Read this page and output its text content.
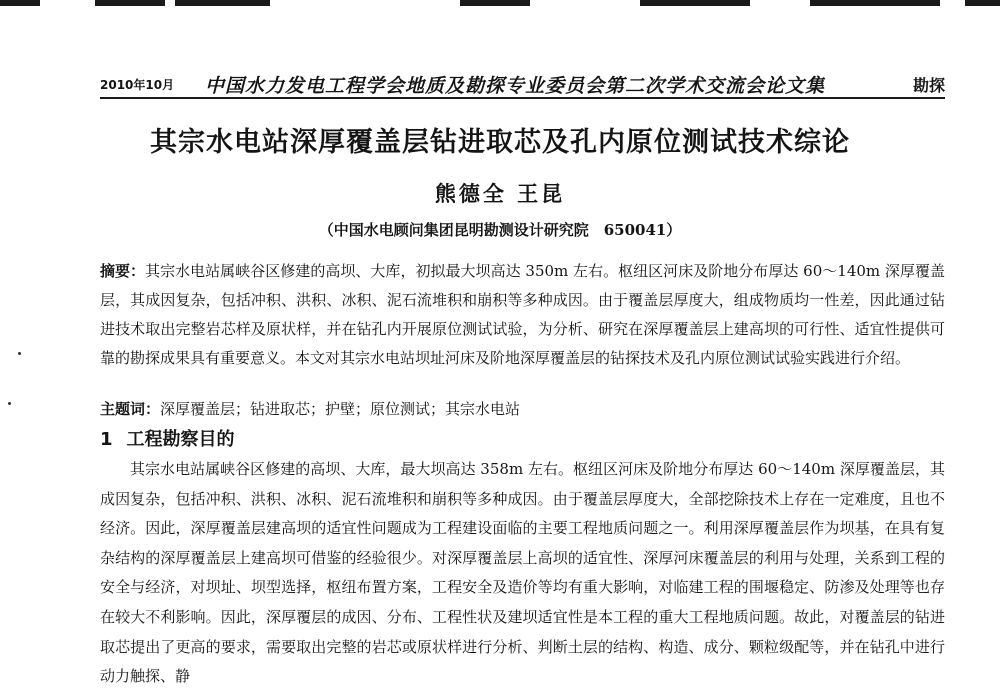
2010年10月 中国水力发电工程学会地质及勘探专业委员会第二次学术交流会论文集	勘探
其宗水电站深厚覆盖层钻进取芯及孔内原位测试技术综论
熊德全 王昆
（中国水电顾问集团昆明勘测设计研究院　650041）
摘要：其宗水电站属峡谷区修建的高坝、大库，初拟最大坝高达 350m 左右。枢纽区河床及阶地分布厚达 60～140m 深厚覆盖层，其成因复杂，包括冲积、洪积、冰积、泥石流堆积和崩积等多种成因。由于覆盖层厚度大，组成物质均一性差，因此通过钻进技术取出完整岩芯样及原状样，并在钻孔内开展原位测试试验，为分析、研究在深厚覆盖层上建高坝的可行性、适宜性提供可靠的勘探成果具有重要意义。本文对其宗水电站坝址河床及阶地深厚覆盖层的钻探技术及孔内原位测试试验实践进行介绍。
主题词：深厚覆盖层；钻进取芯；护壁；原位测试；其宗水电站
1 工程勘察目的
其宗水电站属峡谷区修建的高坝、大库，最大坝高达 358m 左右。枢纽区河床及阶地分布厚达 60～140m 深厚覆盖层，其成因复杂，包括冲积、洪积、冰积、泥石流堆积和崩积等多种成因。由于覆盖层厚度大，全部挖除技术上存在一定难度，且也不经济。因此，深厚覆盖层建高坝的适宜性问题成为工程建设面临的主要工程地质问题之一。利用深厚覆盖层作为坝基，在具有复杂结构的深厚覆盖层上建高坝可借鉴的经验很少。对深厚覆盖层上高坝的适宜性、深厚河床覆盖层的利用与处理，关系到工程的安全与经济，对坝址、坝型选择，枢纽布置方案，工程安全及造价等均有重大影响，对临建工程的围堰稳定、防渗及处理等也存在较大不利影响。因此，深厚覆层的成因、分布、工程性状及建坝适宜性是本工程的重大工程地质问题。故此，对覆盖层的钻进取芯提出了更高的要求，需要取出完整的岩芯或原状样进行分析、判断土层的结构、构造、成分、颗粒级配等，并在钻孔中进行动力触探、静
